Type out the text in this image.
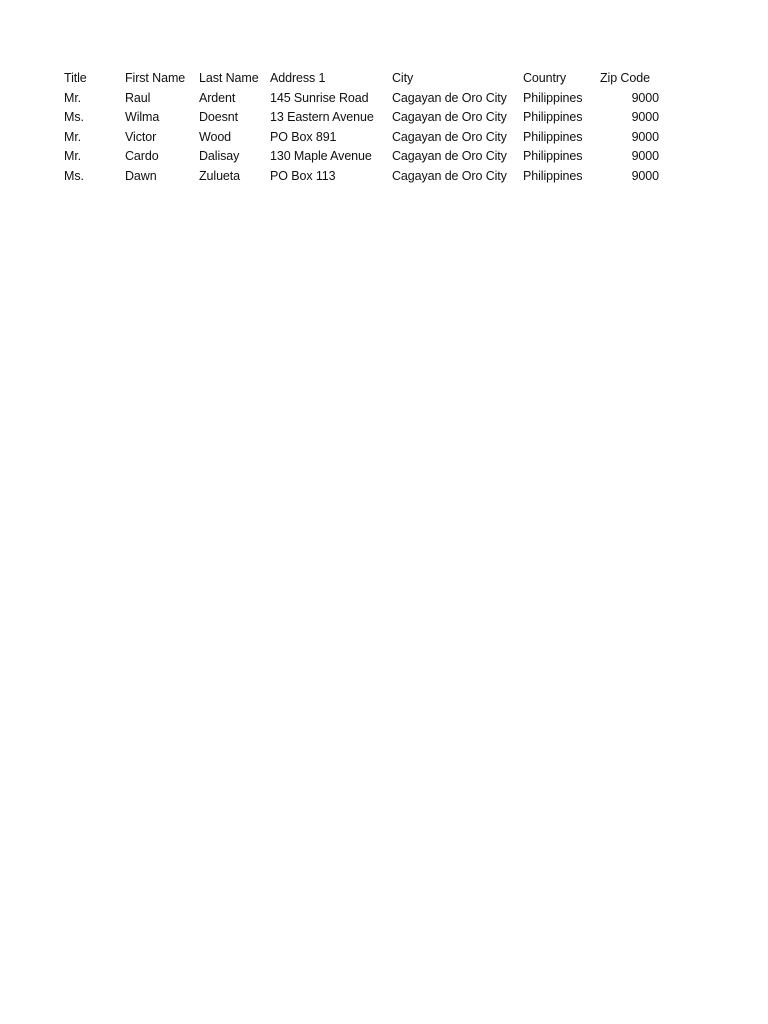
Title	First Name	Last Name	Address 1	City	Country	Zip Code
Mr.	Raul	Ardent	145 Sunrise Road	Cagayan de Oro City	Philippines	9000
Ms.	Wilma	Doesnt	13 Eastern Avenue	Cagayan de Oro City	Philippines	9000
Mr.	Victor	Wood	PO Box 891	Cagayan de Oro City	Philippines	9000
Mr.	Cardo	Dalisay	130 Maple Avenue	Cagayan de Oro City	Philippines	9000
Ms.	Dawn	Zulueta	PO Box 113	Cagayan de Oro City	Philippines	9000
